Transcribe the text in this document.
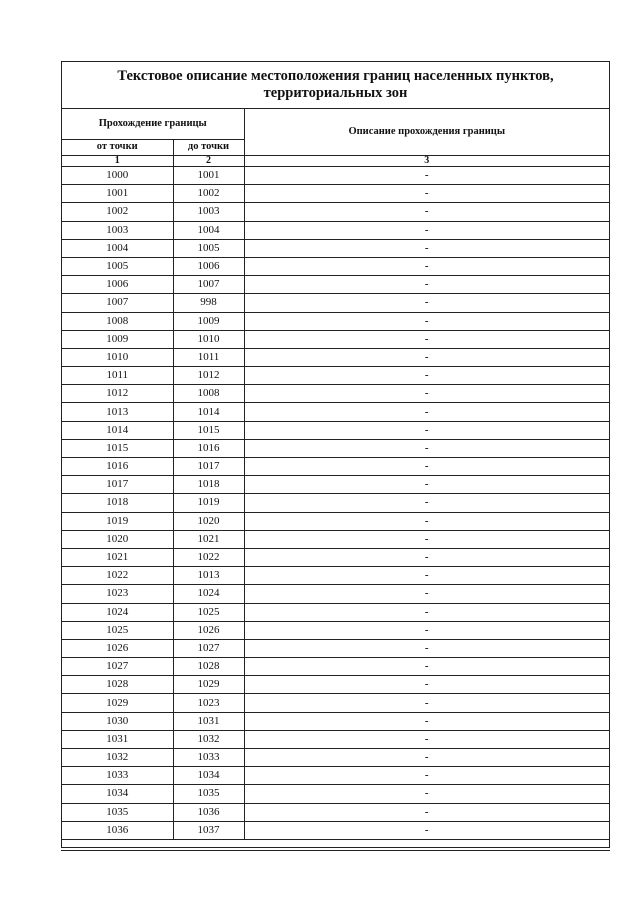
Текстовое описание местоположения границ населенных пунктов,
территориальных зон
Прохождение границы		Описание прохождения границы
от точки	до точки	
1	2	3
1000	1001	-
1001	1002	-
1002	1003	-
1003	1004	-
1004	1005	-
1005	1006	-
1006	1007	-
1007	998	-
1008	1009	-
1009	1010	-
1010	1011	-
1011	1012	-
1012	1008	-
1013	1014	-
1014	1015	-
1015	1016	-
1016	1017	-
1017	1018	-
1018	1019	-
1019	1020	-
1020	1021	-
1021	1022	-
1022	1013	-
1023	1024	-
1024	1025	-
1025	1026	-
1026	1027	-
1027	1028	-
1028	1029	-
1029	1023	-
1030	1031	-
1031	1032	-
1032	1033	-
1033	1034	-
1034	1035	-
1035	1036	-
1036	1037	-
